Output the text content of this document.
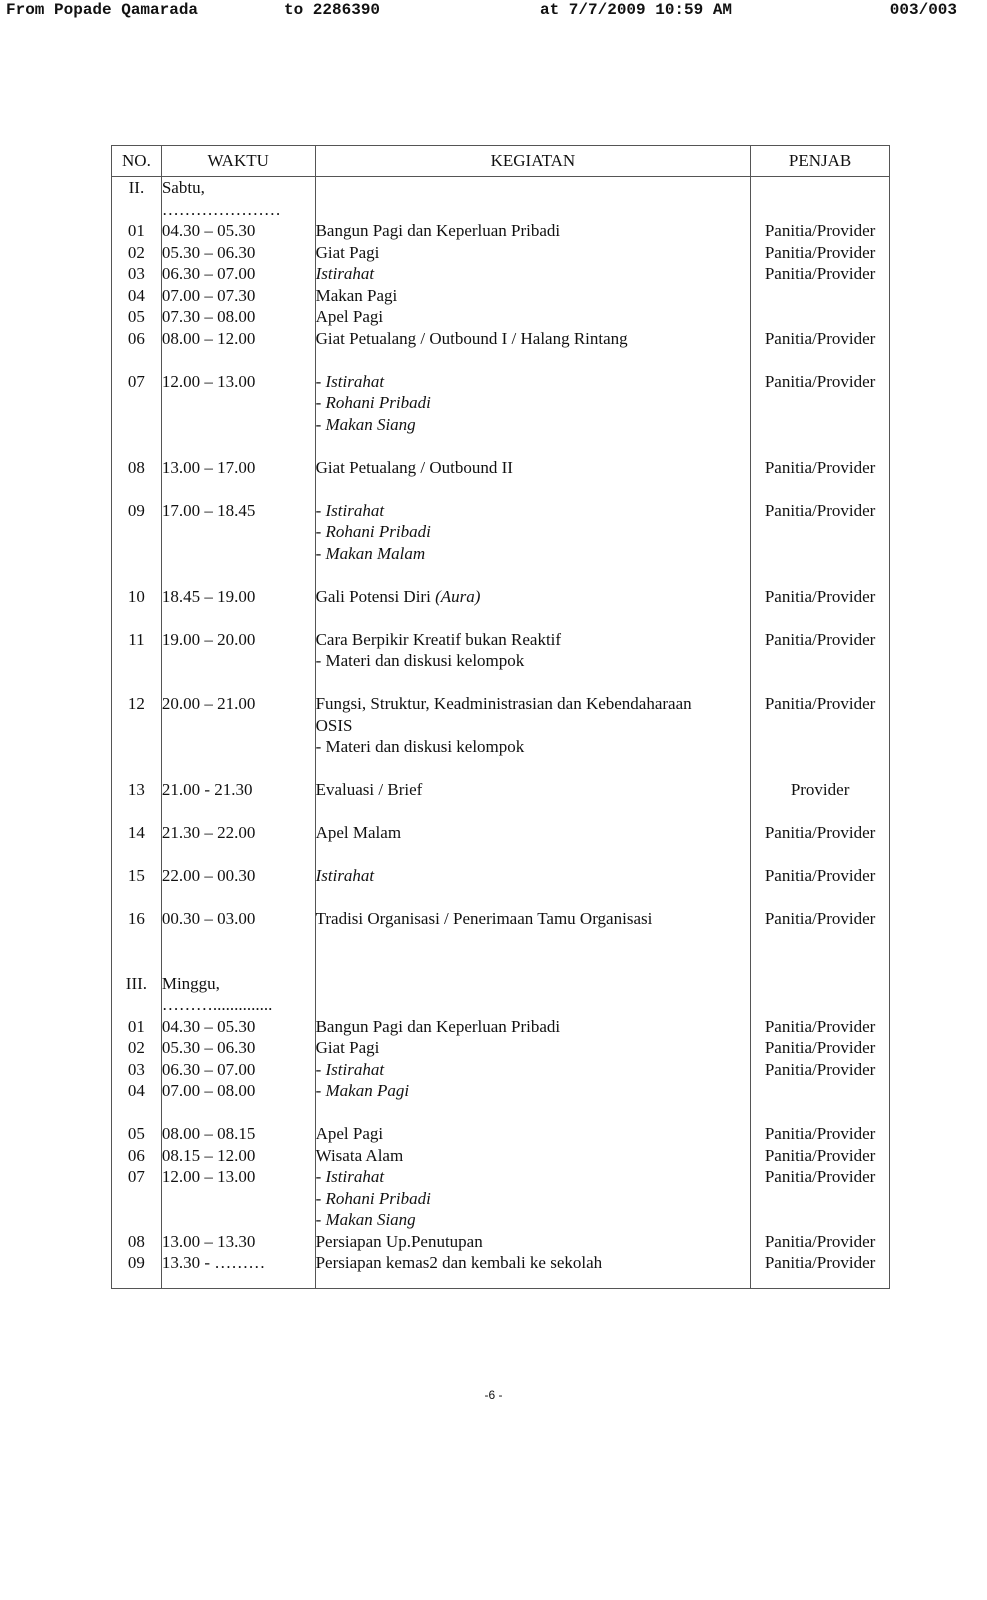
From Popade Qamarada	to 2286390	at 7/7/2009 10:59 AM	003/003
NO.	WAKTU	KEGIATAN	PENJAB
II.	Sabtu,
…………………		

01	04.30 – 05.30	Bangun Pagi dan Keperluan Pribadi	Panitia/Provider
02	05.30 – 06.30	Giat Pagi	Panitia/Provider
03	06.30 – 07.00	Istirahat	Panitia/Provider
04	07.00 – 07.30	Makan Pagi	

05	07.30 – 08.00	Apel Pagi	

06	08.00 – 12.00	Giat Petualang / Outbound I / Halang Rintang	Panitia/Provider

07	12.00 – 13.00	- Istirahat
- Rohani Pribadi
- Makan Siang	Panitia/Provider

08	13.00 – 17.00	Giat Petualang / Outbound II	Panitia/Provider

09	17.00 – 18.45	- Istirahat
- Rohani Pribadi
- Makan Malam	Panitia/Provider

10	18.45 – 19.00	Gali Potensi Diri (Aura)	Panitia/Provider

11	19.00 – 20.00	Cara Berpikir Kreatif bukan Reaktif
- Materi dan diskusi kelompok	Panitia/Provider

12	20.00 – 21.00	Fungsi, Struktur, Keadministrasian dan Kebendaharaan
OSIS
- Materi dan diskusi kelompok	Panitia/Provider

13	21.00 - 21.30	Evaluasi / Brief	Provider

14	21.30 – 22.00	Apel Malam	Panitia/Provider

15	22.00 – 00.30	Istirahat	Panitia/Provider

16	00.30 – 03.00	Tradisi Organisasi / Penerimaan Tamu Organisasi	Panitia/Provider

III.	Minggu,
………..............		

01	04.30 – 05.30	Bangun Pagi dan Keperluan Pribadi	Panitia/Provider
02	05.30 – 06.30	Giat Pagi	Panitia/Provider
03	06.30 – 07.00	- Istirahat	Panitia/Provider
04	07.00 – 08.00	- Makan Pagi	

05	08.00 – 08.15	Apel Pagi	Panitia/Provider
06	08.15 – 12.00	Wisata Alam	Panitia/Provider
07	12.00 – 13.00	- Istirahat
- Rohani Pribadi
- Makan Siang	Panitia/Provider
08	13.00 – 13.30	Persiapan Up.Penutupan	Panitia/Provider
09	13.30 - ………	Persiapan kemas2 dan kembali ke sekolah	Panitia/Provider
-6 -
